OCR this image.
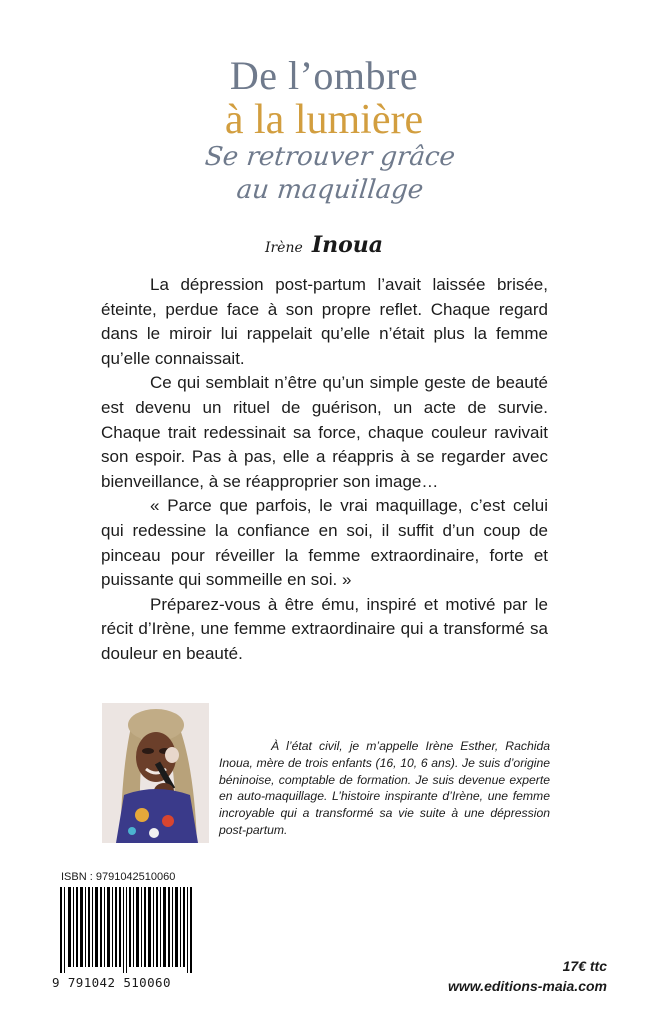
De l’ombre
à la lumière
Se retrouver grâce
au maquillage
Irène Inoua

La dépression post-partum l’avait laissée brisée, éteinte, perdue face à son propre reflet. Chaque regard dans le miroir lui rappelait qu’elle n’était plus la femme qu’elle connaissait.

Ce qui semblait n’être qu’un simple geste de beauté est devenu un rituel de guérison, un acte de survie. Chaque trait redessinait sa force, chaque couleur ravivait son espoir. Pas à pas, elle a réappris à se regarder avec bienveillance, à se réapproprier son image…

« Parce que parfois, le vrai maquillage, c’est celui qui redessine la confiance en soi, il suffit d’un coup de pinceau pour réveiller la femme extraordinaire, forte et puissante qui sommeille en soi. »

Préparez-vous à être ému, inspiré et motivé par le récit d’Irène, une femme extraordinaire qui a transformé sa douleur en beauté.

À l’état civil, je m’appelle Irène Esther, Rachida Inoua, mère de trois enfants (16, 10, 6 ans). Je suis d’origine béninoise, comptable de formation. Je suis devenue experte en auto-maquillage. L’histoire inspirante d’Irène, une femme incroyable qui a transformé sa vie suite à une dépression post-partum.

ISBN : 9791042510060
9 791042 510060
17€ ttc
www.editions-maia.com
